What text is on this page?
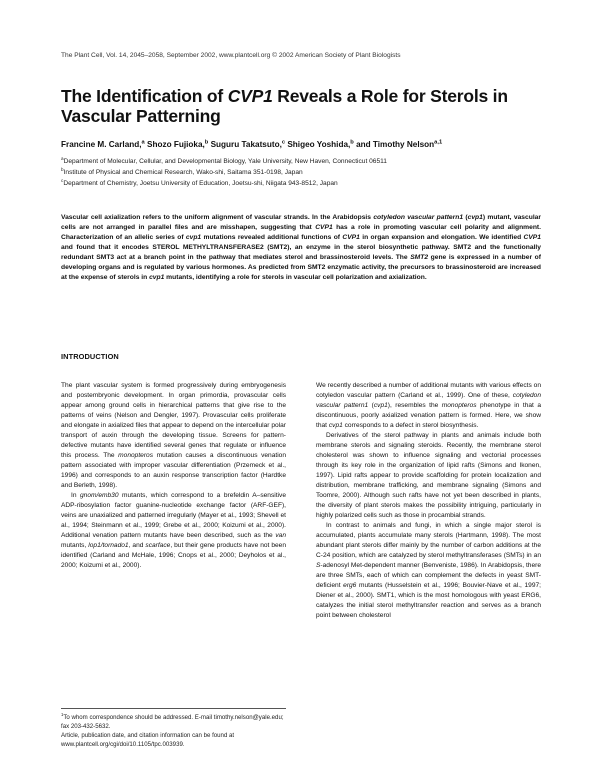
The Plant Cell, Vol. 14, 2045–2058, September 2002, www.plantcell.org © 2002 American Society of Plant Biologists
The Identification of CVP1 Reveals a Role for Sterols in Vascular Patterning
Francine M. Carland,$^a$ Shozo Fujioka,$^b$ Suguru Takatsuto,$^c$ Shigeo Yoshida,$^b$ and Timothy Nelson$^{a,1}$
$^a$Department of Molecular, Cellular, and Developmental Biology, Yale University, New Haven, Connecticut 06511
$^b$Institute of Physical and Chemical Research, Wako-shi, Saitama 351-0198, Japan
$^c$Department of Chemistry, Joetsu University of Education, Joetsu-shi, Niigata 943-8512, Japan

Vascular cell axialization refers to the uniform alignment of vascular strands. In the Arabidopsis cotyledon vascular pattern1 (cvp1) mutant, vascular cells are not arranged in parallel files and are misshapen, suggesting that CVP1 has a role in promoting vascular cell polarity and alignment. Characterization of an allelic series of cvp1 mutations revealed additional functions of CVP1 in organ expansion and elongation. We identified CVP1 and found that it encodes STEROL METHYLTRANSFERASE2 (SMT2), an enzyme in the sterol biosynthetic pathway. SMT2 and the functionally redundant SMT3 act at a branch point in the pathway that mediates sterol and brassinosteroid levels. The SMT2 gene is expressed in a number of developing organs and is regulated by various hormones. As predicted from SMT2 enzymatic activity, the precursors to brassinosteroid are increased at the expense of sterols in cvp1 mutants, identifying a role for sterols in vascular cell polarization and axialization.

INTRODUCTION

The plant vascular system is formed progressively during embryogenesis and postembryonic development. In organ primordia, provascular cells appear among ground cells in hierarchical patterns that give rise to the patterns of veins (Nelson and Dengler, 1997). Provascular cells proliferate and elongate in axialized files that appear to depend on the intercellular polar transport of auxin through the developing tissue. Screens for pattern-defective mutants have identified several genes that regulate or influence this process. The monopteros mutation causes a discontinuous venation pattern associated with improper vascular differentiation (Przemeck et al., 1996) and corresponds to an auxin response transcription factor (Hardtke and Berleth, 1998).

In gnom/emb30 mutants, which correspond to a brefeldin A–sensitive ADP-ribosylation factor guanine-nucleotide exchange factor (ARF-GEF), veins are unaxialized and patterned irregularly (Mayer et al., 1993; Shevell et al., 1994; Steinmann et al., 1999; Grebe et al., 2000; Koizumi et al., 2000). Additional venation pattern mutants have been described, such as the van mutants, lop1/tornado1, and scarface, but their gene products have not been identified (Carland and McHale, 1996; Cnops et al., 2000; Deyholos et al., 2000; Koizumi et al., 2000).

We recently described a number of additional mutants with various effects on cotyledon vascular pattern (Carland et al., 1999). One of these, cotyledon vascular pattern1 (cvp1), resembles the monopteros phenotype in that a discontinuous, poorly axialized venation pattern is formed. Here, we show that cvp1 corresponds to a defect in sterol biosynthesis.

Derivatives of the sterol pathway in plants and animals include both membrane sterols and signaling steroids. Recently, the membrane sterol cholesterol was shown to influence signaling and vectorial processes through its key role in the organization of lipid rafts (Simons and Ikonen, 1997). Lipid rafts appear to provide scaffolding for protein localization and distribution, membrane trafficking, and membrane signaling (Simons and Toomre, 2000). Although such rafts have not yet been described in plants, the diversity of plant sterols makes the possibility intriguing, particularly in highly polarized cells such as those in procambial strands.

In contrast to animals and fungi, in which a single major sterol is accumulated, plants accumulate many sterols (Hartmann, 1998). The most abundant plant sterols differ mainly by the number of carbon additions at the C-24 position, which are catalyzed by sterol methyltransferases (SMTs) in an S-adenosyl Met-dependent manner (Benveniste, 1986). In Arabidopsis, there are three SMTs, each of which can complement the defects in yeast SMT-deficient erg6 mutants (Husselstein et al., 1996; Bouvier-Nave et al., 1997; Diener et al., 2000). SMT1, which is the most homologous with yeast ERG6, catalyzes the initial sterol methyltransfer reaction and serves as a branch point between cholesterol

$^1$To whom correspondence should be addressed. E-mail timothy.nelson@yale.edu; fax 203-432-5632.

Article, publication date, and citation information can be found at www.plantcell.org/cgi/doi/10.1105/tpc.003939.
